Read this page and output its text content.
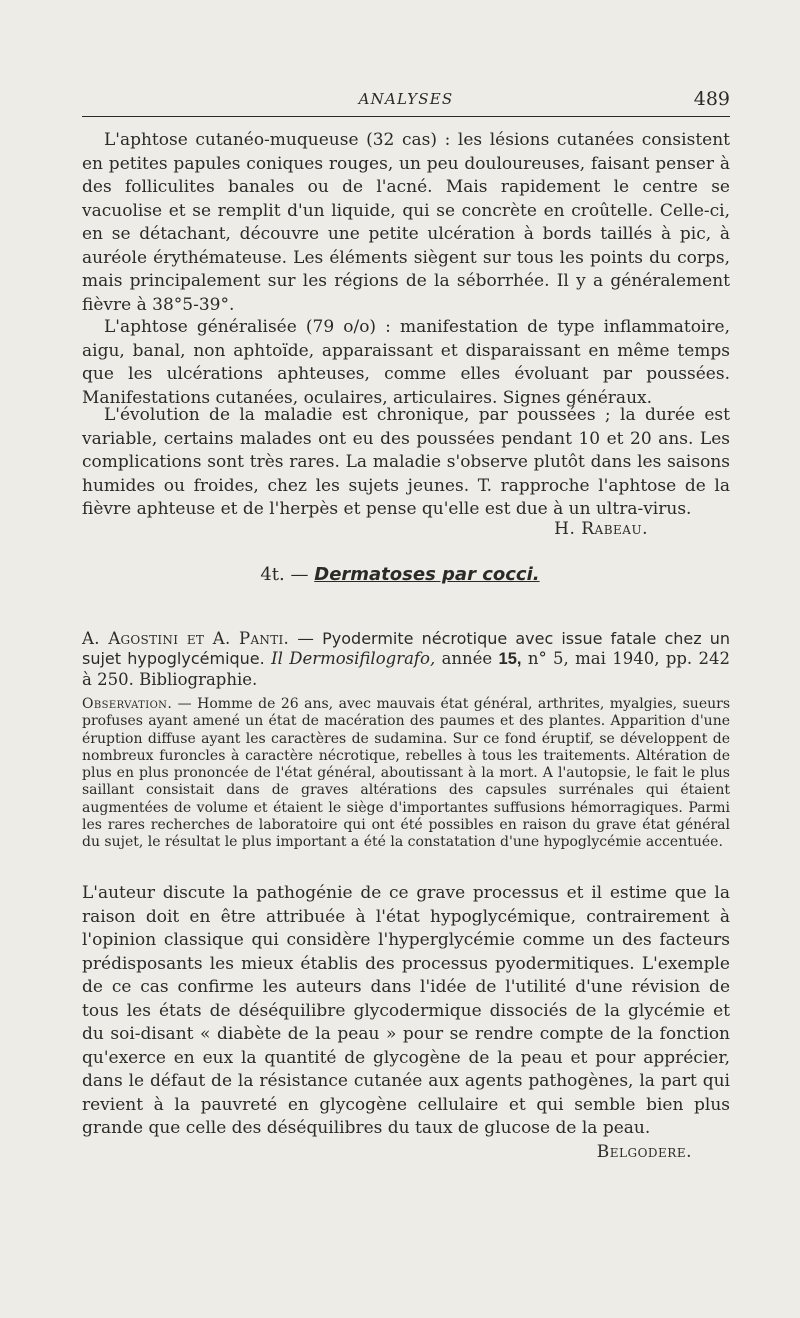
ANALYSES	489

L'aphtose cutanéo-muqueuse (32 cas) : les lésions cutanées consistent en petites papules coniques rouges, un peu douloureuses, faisant penser à des folliculites banales ou de l'acné. Mais rapidement le centre se vacuolise et se remplit d'un liquide, qui se concrète en croûtelle. Celle-ci, en se détachant, découvre une petite ulcération à bords taillés à pic, à auréole érythémateuse. Les éléments siègent sur tous les points du corps, mais principalement sur les régions de la séborrhée. Il y a généralement fièvre à 38°5-39°.

L'aphtose généralisée (79 o/o) : manifestation de type inflammatoire, aigu, banal, non aphtoïde, apparaissant et disparaissant en même temps que les ulcérations aphteuses, comme elles évoluant par poussées. Manifestations cutanées, oculaires, articulaires. Signes généraux.

L'évolution de la maladie est chronique, par poussées ; la durée est variable, certains malades ont eu des poussées pendant 10 et 20 ans. Les complications sont très rares. La maladie s'observe plutôt dans les saisons humides ou froides, chez les sujets jeunes. T. rapproche l'aphtose de la fièvre aphteuse et de l'herpès et pense qu'elle est due à un ultra-virus.

H. Rabeau.
4t. — Dermatoses par cocci.

A. Agostini et A. Panti. — Pyodermite nécrotique avec issue fatale chez un sujet hypoglycémique. Il Dermosifilografo, année 15, n° 5, mai 1940, pp. 242 à 250. Bibliographie.

Observation. — Homme de 26 ans, avec mauvais état général, arthrites, myalgies, sueurs profuses ayant amené un état de macération des paumes et des plantes. Apparition d'une éruption diffuse ayant les caractères de sudamina. Sur ce fond éruptif, se développent de nombreux furoncles à caractère nécrotique, rebelles à tous les traitements. Altération de plus en plus prononcée de l'état général, aboutissant à la mort. A l'autopsie, le fait le plus saillant consistait dans de graves altérations des capsules surrénales qui étaient augmentées de volume et étaient le siège d'importantes suffusions hémorragiques. Parmi les rares recherches de laboratoire qui ont été possibles en raison du grave état général du sujet, le résultat le plus important a été la constatation d'une hypoglycémie accentuée.

L'auteur discute la pathogénie de ce grave processus et il estime que la raison doit en être attribuée à l'état hypoglycémique, contrairement à l'opinion classique qui considère l'hyperglycémie comme un des facteurs prédisposants les mieux établis des processus pyodermitiques. L'exemple de ce cas confirme les auteurs dans l'idée de l'utilité d'une révision de tous les états de déséquilibre glycodermique dissociés de la glycémie et du soi-disant « diabète de la peau » pour se rendre compte de la fonction qu'exerce en eux la quantité de glycogène de la peau et pour apprécier, dans le défaut de la résistance cutanée aux agents pathogènes, la part qui revient à la pauvreté en glycogène cellulaire et qui semble bien plus grande que celle des déséquilibres du taux de glucose de la peau.
Belgodere.
